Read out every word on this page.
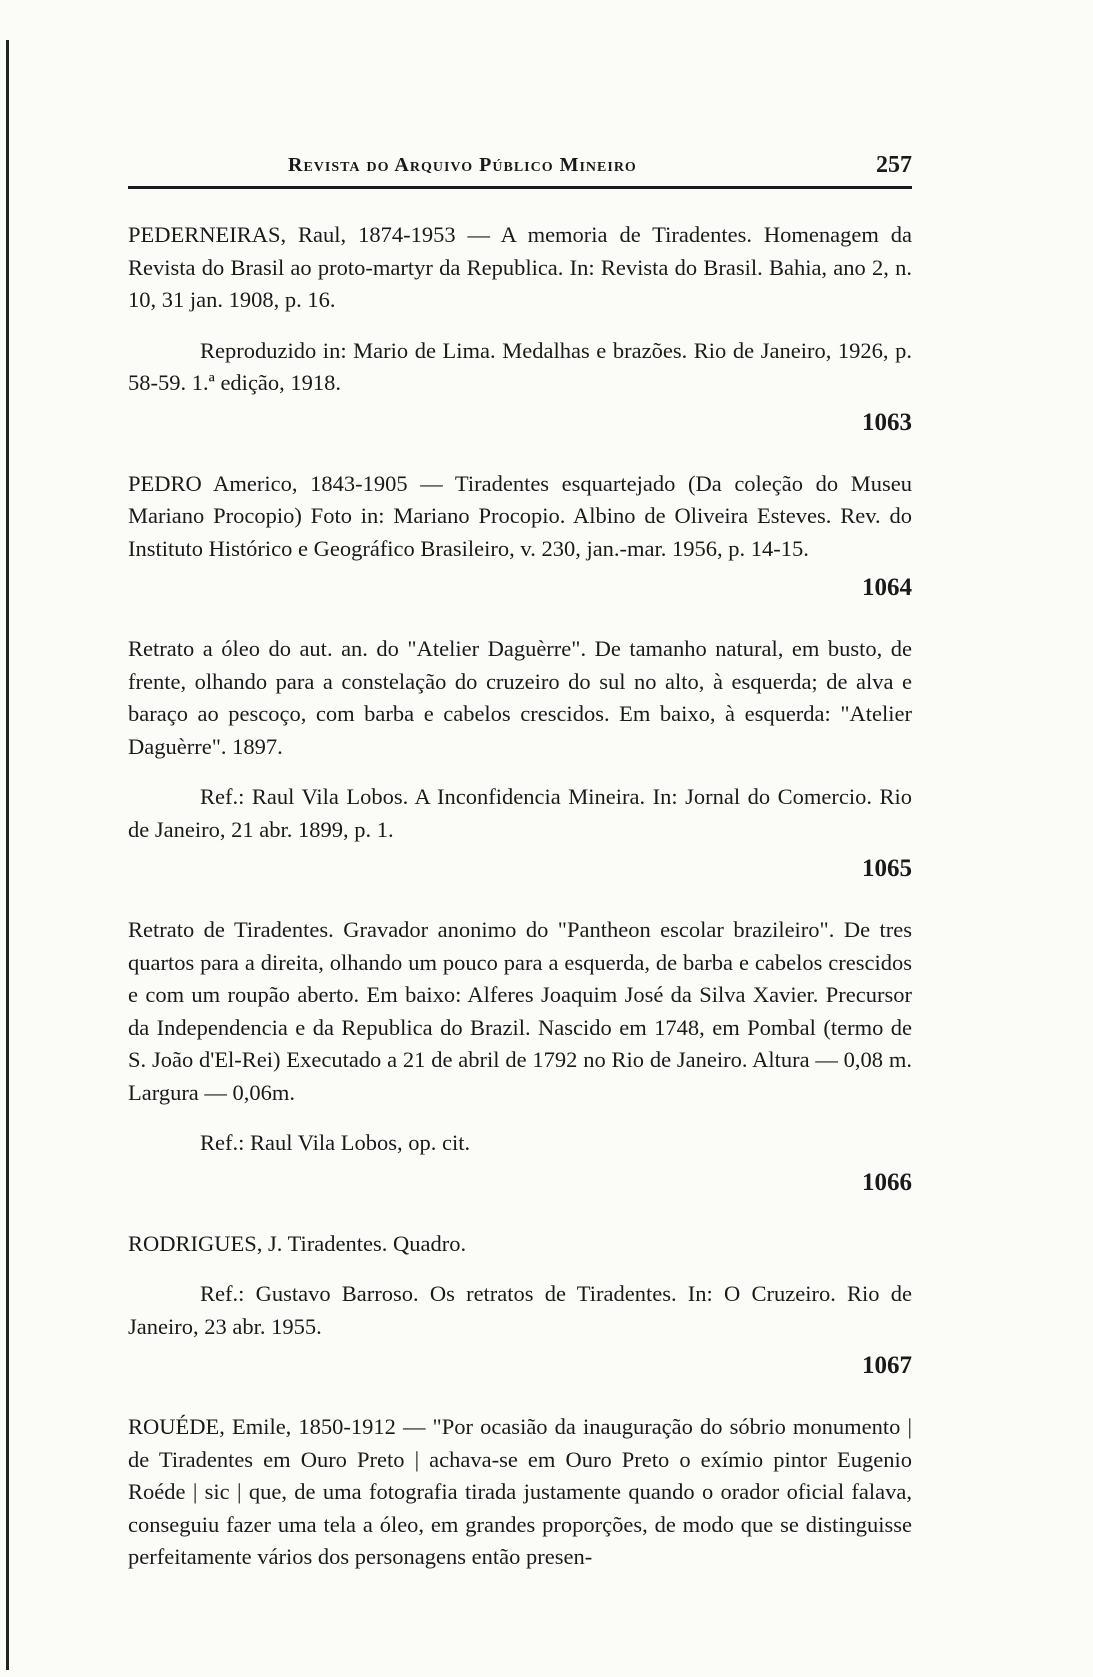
Revista do Arquivo Público Mineiro	257

PEDERNEIRAS, Raul, 1874-1953 — A memoria de Tiradentes. Homenagem da Revista do Brasil ao proto-martyr da Republica. In: Revista do Brasil. Bahia, ano 2, n. 10, 31 jan. 1908, p. 16.

Reproduzido in: Mario de Lima. Medalhas e brazões. Rio de Janeiro, 1926, p. 58-59. 1.ª edição, 1918.

1063

PEDRO Americo, 1843-1905 — Tiradentes esquartejado (Da coleção do Museu Mariano Procopio) Foto in: Mariano Procopio. Albino de Oliveira Esteves. Rev. do Instituto Histórico e Geográfico Brasileiro, v. 230, jan.-mar. 1956, p. 14-15.

1064

Retrato a óleo do aut. an. do "Atelier Daguèrre". De tamanho natural, em busto, de frente, olhando para a constelação do cruzeiro do sul no alto, à esquerda; de alva e baraço ao pescoço, com barba e cabelos crescidos. Em baixo, à esquerda: "Atelier Daguèrre". 1897.

Ref.: Raul Vila Lobos. A Inconfidencia Mineira. In: Jornal do Comercio. Rio de Janeiro, 21 abr. 1899, p. 1.

1065

Retrato de Tiradentes. Gravador anonimo do "Pantheon escolar brazileiro". De tres quartos para a direita, olhando um pouco para a esquerda, de barba e cabelos crescidos e com um roupão aberto. Em baixo: Alferes Joaquim José da Silva Xavier. Precursor da Independencia e da Republica do Brazil. Nascido em 1748, em Pombal (termo de S. João d'El-Rei) Executado a 21 de abril de 1792 no Rio de Janeiro. Altura — 0,08 m. Largura — 0,06m.

Ref.: Raul Vila Lobos, op. cit.

1066

RODRIGUES, J. Tiradentes. Quadro.

Ref.: Gustavo Barroso. Os retratos de Tiradentes. In: O Cruzeiro. Rio de Janeiro, 23 abr. 1955.

1067

ROUÉDE, Emile, 1850-1912 — "Por ocasião da inauguração do sóbrio monumento | de Tiradentes em Ouro Preto | achava-se em Ouro Preto o exímio pintor Eugenio Roéde | sic | que, de uma fotografia tirada justamente quando o orador oficial falava, conseguiu fazer uma tela a óleo, em grandes proporções, de modo que se distinguisse perfeitamente vários dos personagens então presen-
